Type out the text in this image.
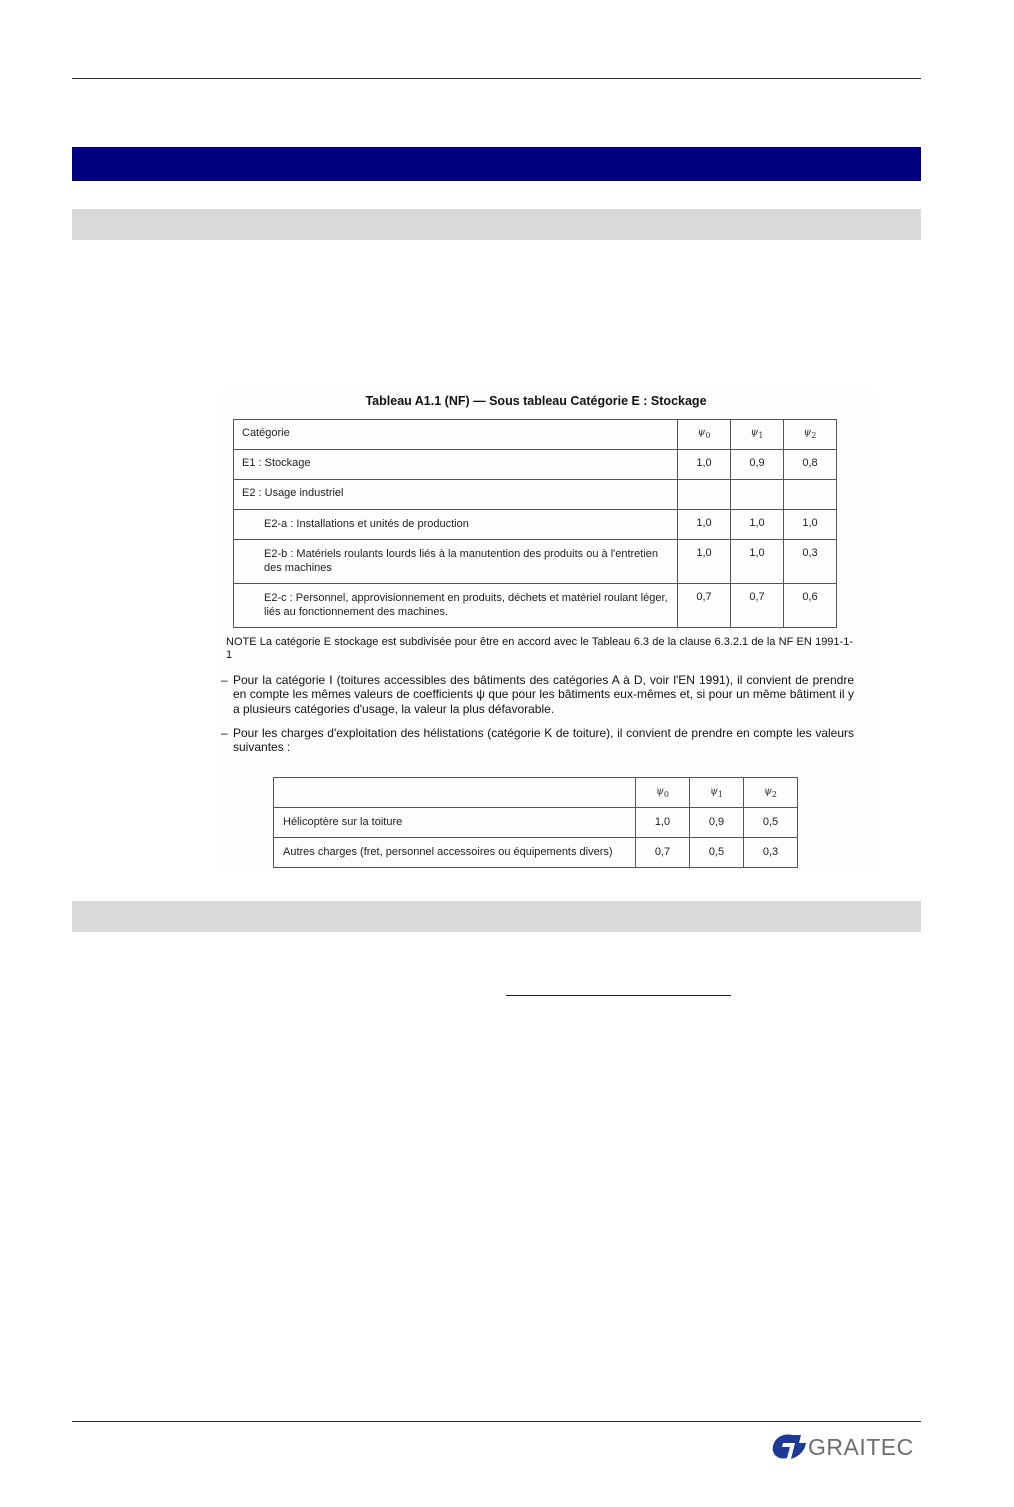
Tableau A1.1 (NF) — Sous tableau Catégorie E : Stockage
Catégorie	$\psi_0$	$\psi_1$	$\psi_2$
E1 : Stockage	1,0	0,9	0,8
E2 : Usage industriel			
E2-a : Installations et unités de production	1,0	1,0	1,0
E2-b : Matériels roulants lourds liés à la manutention des produits ou à l'entretien des machines	1,0	1,0	0,3
E2-c : Personnel, approvisionnement en produits, déchets et matériel roulant léger, liés au fonctionnement des machines.	0,7	0,7	0,6
NOTE La catégorie E stockage est subdivisée pour être en accord avec le Tableau 6.3 de la clause 6.3.2.1 de la NF EN 1991-1-1
– Pour la catégorie I (toitures accessibles des bâtiments des catégories A à D, voir l'EN 1991), il convient de prendre en compte les mêmes valeurs de coefficients ψ que pour les bâtiments eux-mêmes et, si pour un même bâtiment il y a plusieurs catégories d'usage, la valeur la plus défavorable.
– Pour les charges d'exploitation des hélistations (catégorie K de toiture), il convient de prendre en compte les valeurs suivantes :
	$\psi_0$	$\psi_1$	$\psi_2$
Hélicoptère sur la toiture	1,0	0,9	0,5
Autres charges (fret, personnel accessoires ou équipements divers)	0,7	0,5	0,3
GRAITEC
